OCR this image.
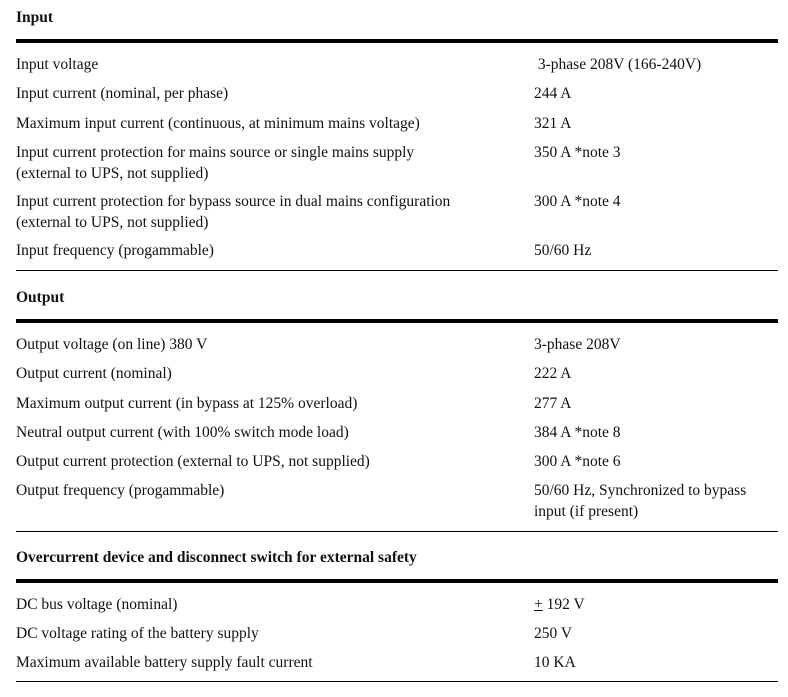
Input
Input voltage	3-phase 208V (166-240V)
Input current (nominal, per phase)	244 A
Maximum input current (continuous, at minimum mains voltage)	321 A
Input current protection for mains source or single mains supply	350 A *note 3
(external to UPS, not supplied)
Input current protection for bypass source in dual mains configuration	300 A *note 4
(external to UPS, not supplied)
Input frequency (progammable)	50/60 Hz
Output
Output voltage (on line) 380 V	3-phase 208V
Output current (nominal)	222 A
Maximum output current (in bypass at 125% overload)	277 A
Neutral output current (with 100% switch mode load)	384 A *note 8
Output current protection (external to UPS, not supplied)	300 A *note 6
Output frequency (progammable)	50/60 Hz, Synchronized to bypass
input (if present)
Overcurrent device and disconnect switch for external safety
DC bus voltage (nominal)	+ 192 V
DC voltage rating of the battery supply	250 V
Maximum available battery supply fault current	10 KA
